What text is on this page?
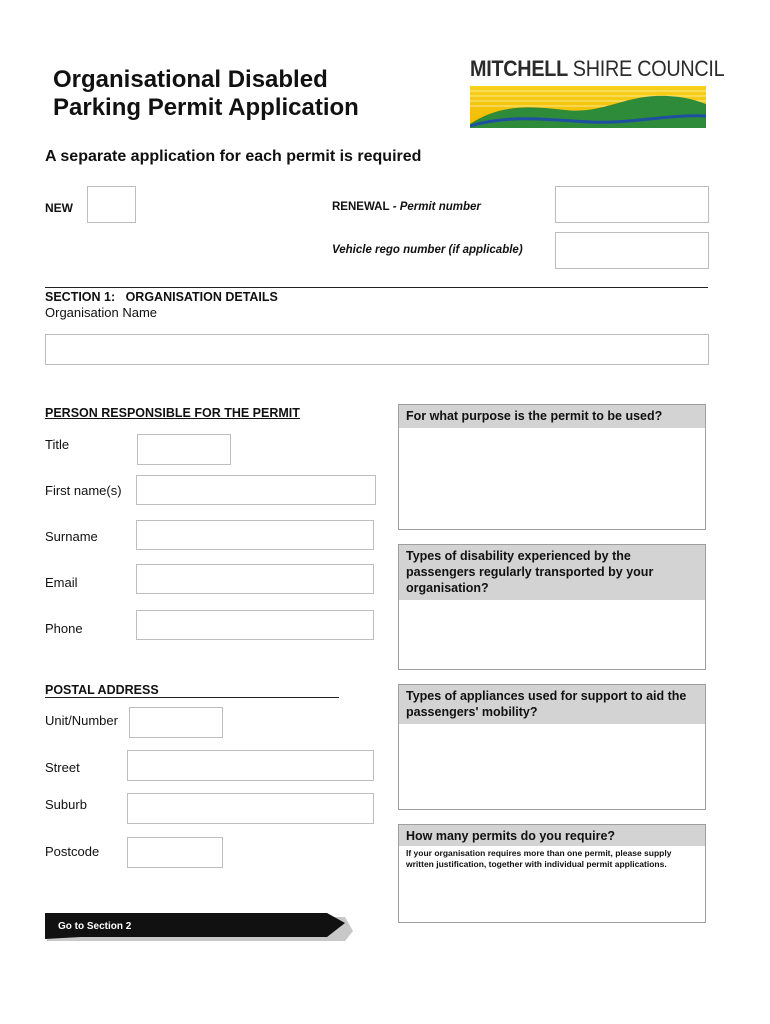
Organisational Disabled
Parking Permit Application
MITCHELL SHIRE COUNCIL
A separate application for each permit is required
NEW	RENEWAL - Permit number
Vehicle rego number (if applicable)
SECTION 1:   ORGANISATION DETAILS
Organisation Name
PERSON RESPONSIBLE FOR THE PERMIT
Title
First name(s)
Surname
Email
Phone
POSTAL ADDRESS
Unit/Number
Street
Suburb
Postcode
For what purpose is the permit to be used?
Types of disability experienced by the passengers regularly transported by your organisation?
Types of appliances used for support to aid the passengers' mobility?
How many permits do you require?
If your organisation requires more than one permit, please supply written justification, together with individual permit applications.
Go to Section 2
